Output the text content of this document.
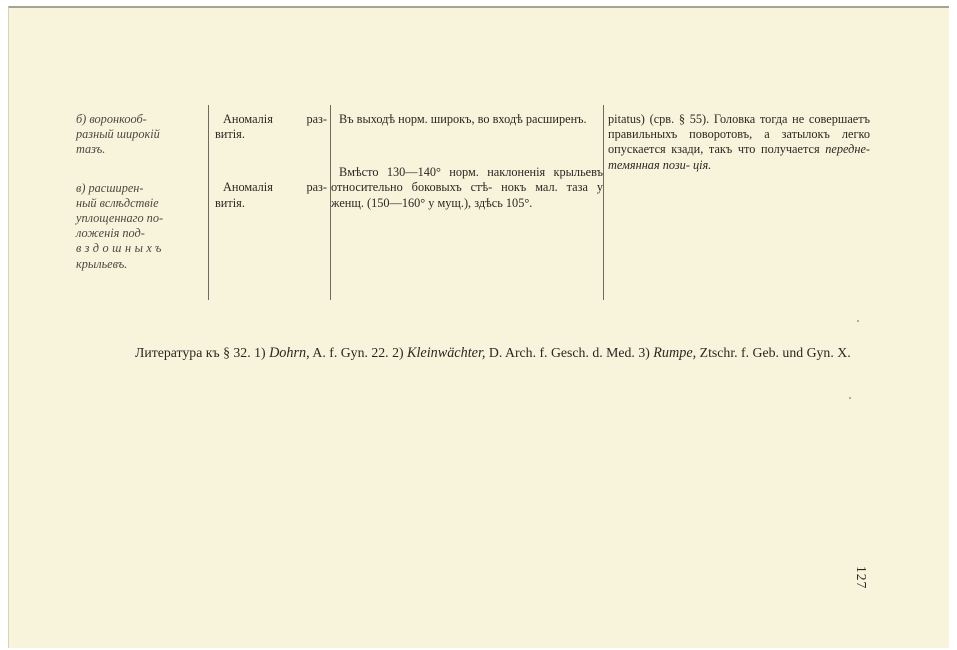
б) воронкооб-
разный широкій
тазъ.
в) расширен-
ный вслѣдствіе
уплощеннаго по-
ложенія под-
вздошныхъ
крыльевъ.
Аномалія раз- витія.
Аномалія раз- витія.
Въ выходѣ норм. широкъ, во входѣ расширенъ.
Вмѣсто 130—140° норм. наклоненія крыльевъ относительно боковыхъ стѣ- нокъ мал. таза у женщ. (150—160° у мущ.), здѣсь 105°.
pitatus) (срв. § 55). Головка тогда не совершаетъ правильныхъ поворотовъ, а затылокъ легко опускается кзади, такъ что получается передне-темянная пози- ція.
Литература къ § 32. 1) Dohrn, A. f. Gyn. 22. 2) Kleinwächter, D. Arch. f. Gesch. d. Med. 3) Rumpe, Ztschr. f. Geb. und Gyn. X.
127
